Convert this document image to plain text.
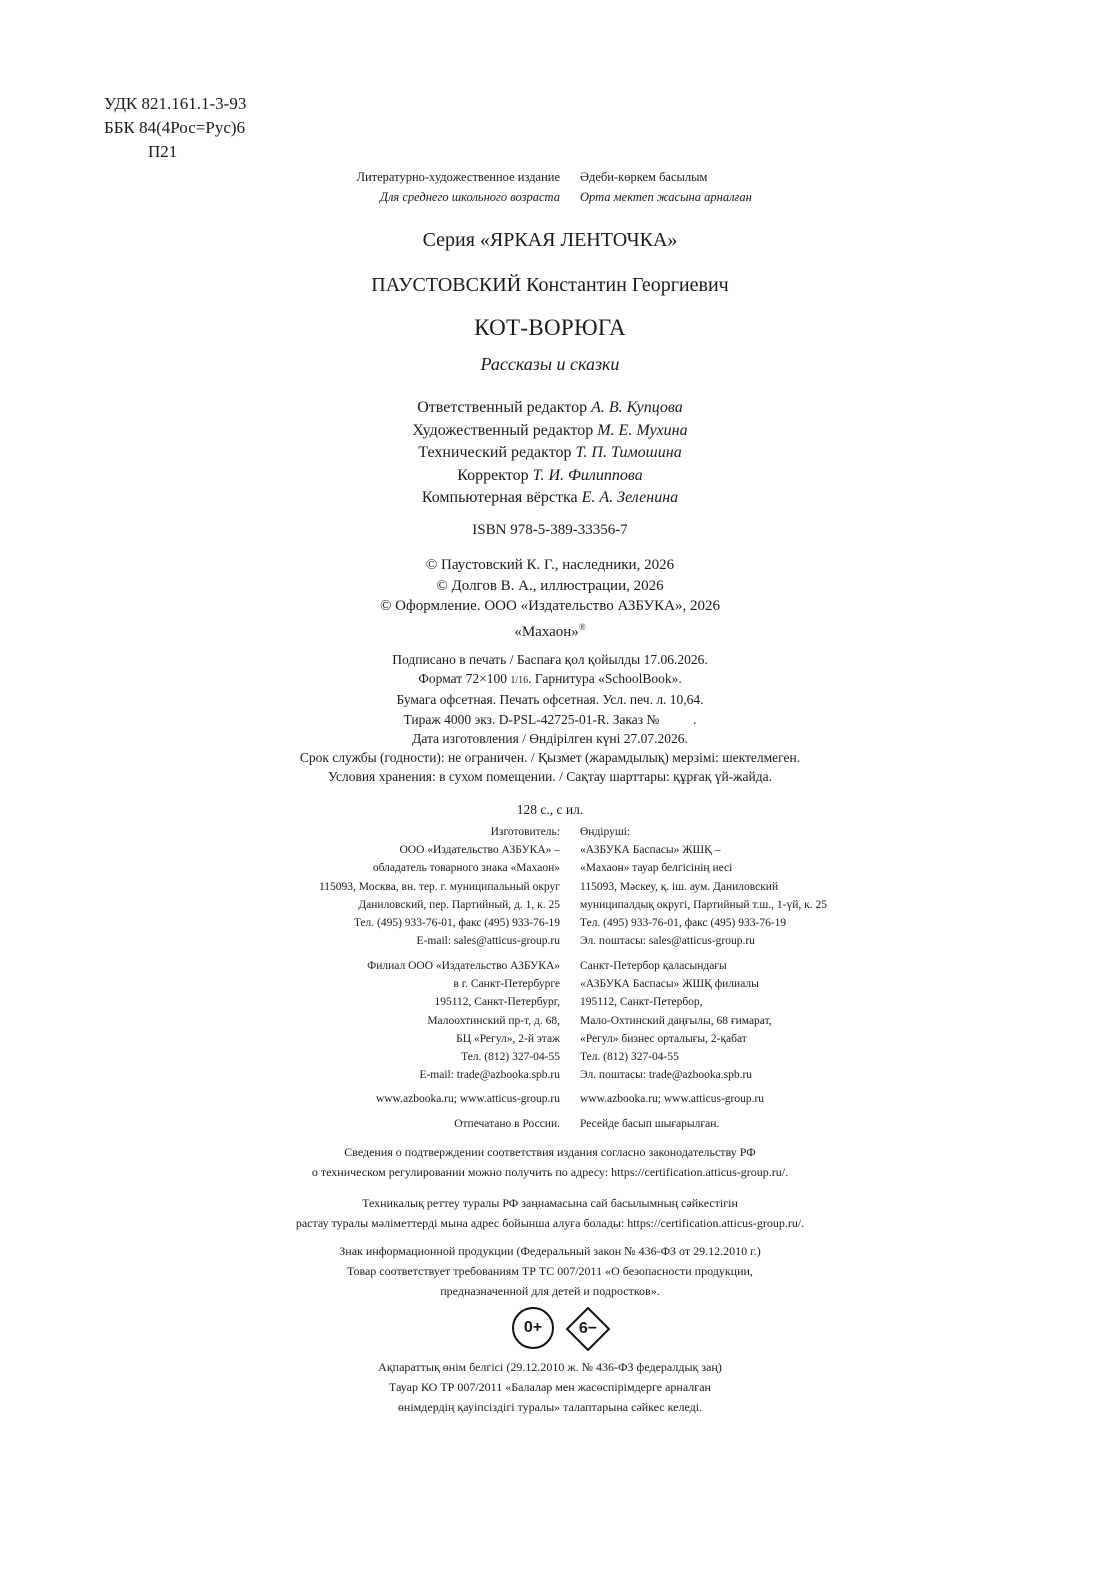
УДК 821.161.1-3-93
ББК 84(4Рос=Рус)6
П21
Литературно-художественное издание
Для среднего школьного возраста
Әдеби-көркем басылым
Орта мектеп жасына арналған
Серия «ЯРКАЯ ЛЕНТОЧКА»
ПАУСТОВСКИЙ Константин Георгиевич
КОТ-ВОРЮГА
Рассказы и сказки
Ответственный редактор А. В. Купцова
Художественный редактор М. Е. Мухина
Технический редактор Т. П. Тимошина
Корректор Т. И. Филиппова
Компьютерная вёрстка Е. А. Зеленина
ISBN 978-5-389-33356-7
© Паустовский К. Г., наследники, 2026
© Долгов В. А., иллюстрации, 2026
© Оформление. ООО «Издательство АЗБУКА», 2026
«Махаон»®
Подписано в печать / Баспаға қол қойылды 17.06.2026.
Формат 72×100 1/16. Гарнитура «SchoolBook».
Бумага офсетная. Печать офсетная. Усл. печ. л. 10,64.
Тираж 4000 экз. D-PSL-42725-01-R. Заказ №          .
Дата изготовления / Өндірілген күні 27.07.2026.
Срок службы (годности): не ограничен. / Қызмет (жарамдылық) мерзімі: шектелмеген.
Условия хранения: в сухом помещении. / Сақтау шарттары: құрғақ үй-жайда.
128 с., с ил.
Изготовитель:
ООО «Издательство АЗБУКА» –
обладатель товарного знака «Махаон»
115093, Москва, вн. тер. г. муниципальный округ
Даниловский, пер. Партийный, д. 1, к. 25
Тел. (495) 933-76-01, факс (495) 933-76-19
E-mail: sales@atticus-group.ru
Өндіруші:
«АЗБУКА Баспасы» ЖШҚ –
«Махаон» тауар белгісінің иесі
115093, Мәскеу, қ. іш. аум. Даниловский
муниципалдық округі, Партийный т.ш., 1-үй, к. 25
Тел. (495) 933-76-01, факс (495) 933-76-19
Эл. поштасы: sales@atticus-group.ru
Филиал ООО «Издательство АЗБУКА»
в г. Санкт-Петербурге
195112, Санкт-Петербург,
Малоохтинский пр-т, д. 68,
БЦ «Регул», 2-й этаж
Тел. (812) 327-04-55
E-mail: trade@azbooka.spb.ru
Санкт-Петербор қаласындағы
«АЗБУКА Баспасы» ЖШҚ филиалы
195112, Санкт-Петербор,
Мало-Охтинский даңғылы, 68 ғимарат,
«Регул» бизнес орталығы, 2-қабат
Тел. (812) 327-04-55
Эл. поштасы: trade@azbooka.spb.ru
www.azbooka.ru; www.atticus-group.ru www.azbooka.ru; www.atticus-group.ru
Отпечатано в России. Ресейде басып шығарылған.
Сведения о подтверждении соответствия издания согласно законодательству РФ
о техническом регулировании можно получить по адресу: https://certification.atticus-group.ru/.
Техникалық реттеу туралы РФ заңнамасына сай басылымның сәйкестігін
растау туралы мәліметтерді мына адрес бойынша алуға болады: https://certification.atticus-group.ru/.
Знак информационной продукции (Федеральный закон № 436-ФЗ от 29.12.2010 г.)
Товар соответствует требованиям ТР ТС 007/2011 «О безопасности продукции,
предназначенной для детей и подростков».
0+	6−
Ақпараттық өнім белгісі (29.12.2010 ж. № 436-ФЗ федералдық заң)
Тауар КО ТР 007/2011 «Балалар мен жасөспірімдерге арналған
өнімдердің қауіпсіздігі туралы» талаптарына сәйкес келеді.
